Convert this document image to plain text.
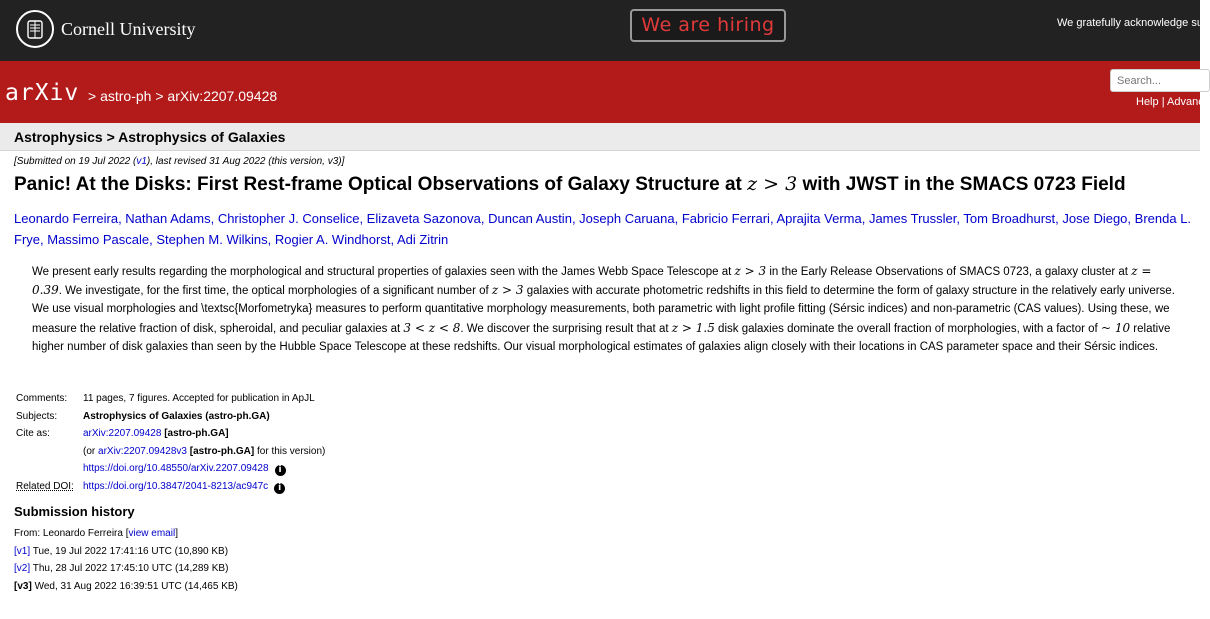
Cornell University	We are hiring	We gratefully acknowledge sup
arXiv > astro-ph > arXiv:2207.09428
Search...	Help | Advanc
Astrophysics > Astrophysics of Galaxies
[Submitted on 19 Jul 2022 (v1), last revised 31 Aug 2022 (this version, v3)]
Panic! At the Disks: First Rest-frame Optical Observations of Galaxy Structure at z > 3 with JWST in the SMACS 0723 Field
Leonardo Ferreira, Nathan Adams, Christopher J. Conselice, Elizaveta Sazonova, Duncan Austin, Joseph Caruana, Fabricio Ferrari, Aprajita Verma, James Trussler, Tom Broadhurst, Jose Diego, Brenda L. Frye, Massimo Pascale, Stephen M. Wilkins, Rogier A. Windhorst, Adi Zitrin
We present early results regarding the morphological and structural properties of galaxies seen with the James Webb Space Telescope at z > 3 in the Early Release Observations of SMACS 0723, a galaxy cluster at z = 0.39. We investigate, for the first time, the optical morphologies of a significant number of z > 3 galaxies with accurate photometric redshifts in this field to determine the form of galaxy structure in the relatively early universe. We use visual morphologies and \textsc{Morfometryka} measures to perform quantitative morphology measurements, both parametric with light profile fitting (Sérsic indices) and non-parametric (CAS values). Using these, we measure the relative fraction of disk, spheroidal, and peculiar galaxies at 3 < z < 8. We discover the surprising result that at z > 1.5 disk galaxies dominate the overall fraction of morphologies, with a factor of ~ 10 relative higher number of disk galaxies than seen by the Hubble Space Telescope at these redshifts. Our visual morphological estimates of galaxies align closely with their locations in CAS parameter space and their Sérsic indices.
Comments:	11 pages, 7 figures. Accepted for publication in ApJL
Subjects:	Astrophysics of Galaxies (astro-ph.GA)
Cite as:	arXiv:2207.09428 [astro-ph.GA]
(or arXiv:2207.09428v3 [astro-ph.GA] for this version)
https://doi.org/10.48550/arXiv.2207.09428 i
Related DOI: https://doi.org/10.3847/2041-8213/ac947c i
Submission history
From: Leonardo Ferreira [view email]
[v1] Tue, 19 Jul 2022 17:41:16 UTC (10,890 KB)
[v2] Thu, 28 Jul 2022 17:45:10 UTC (14,289 KB)
[v3] Wed, 31 Aug 2022 16:39:51 UTC (14,465 KB)
